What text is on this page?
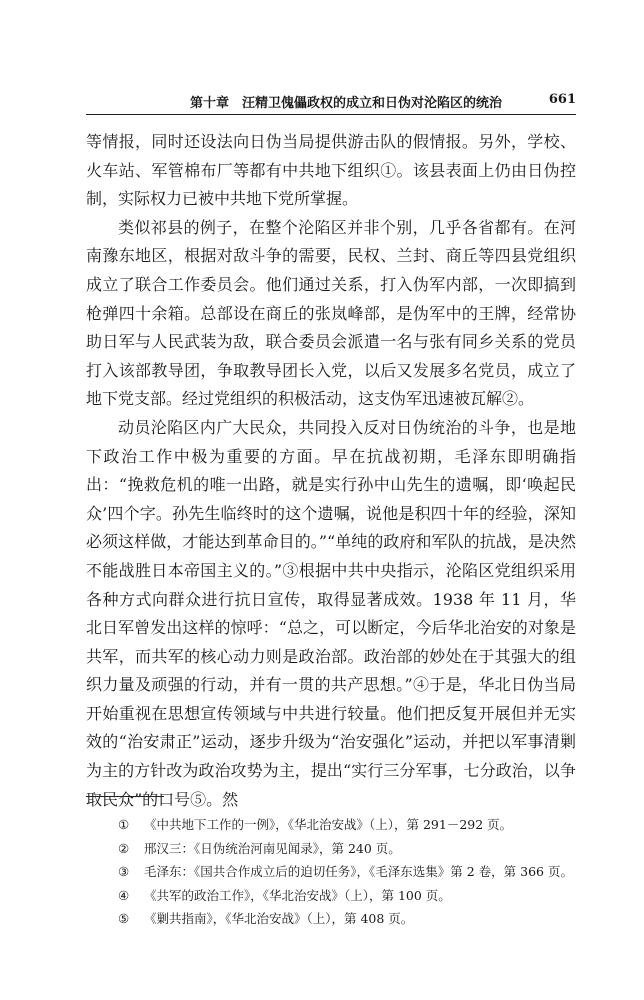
第十章　汪精卫傀儡政权的成立和日伪对沦陷区的统治	661

等情报，同时还设法向日伪当局提供游击队的假情报。另外，学校、火车站、军管棉布厂等都有中共地下组织①。该县表面上仍由日伪控制，实际权力已被中共地下党所掌握。

类似祁县的例子，在整个沦陷区并非个别，几乎各省都有。在河南豫东地区，根据对敌斗争的需要，民权、兰封、商丘等四县党组织成立了联合工作委员会。他们通过关系，打入伪军内部，一次即搞到枪弹四十余箱。总部设在商丘的张岚峰部，是伪军中的王牌，经常协助日军与人民武装为敌，联合委员会派遣一名与张有同乡关系的党员打入该部教导团，争取教导团长入党，以后又发展多名党员，成立了地下党支部。经过党组织的积极活动，这支伪军迅速被瓦解②。

动员沦陷区内广大民众，共同投入反对日伪统治的斗争，也是地下政治工作中极为重要的方面。早在抗战初期，毛泽东即明确指出：“挽救危机的唯一出路，就是实行孙中山先生的遗嘱，即‘唤起民众’四个字。孙先生临终时的这个遗嘱，说他是积四十年的经验，深知必须这样做，才能达到革命目的。”“单纯的政府和军队的抗战，是决然不能战胜日本帝国主义的。”③根据中共中央指示，沦陷区党组织采用各种方式向群众进行抗日宣传，取得显著成效。1938 年 11 月，华北日军曾发出这样的惊呼：“总之，可以断定，今后华北治安的对象是共军，而共军的核心动力则是政治部。政治部的妙处在于其强大的组织力量及顽强的行动，并有一贯的共产思想。”④于是，华北日伪当局开始重视在思想宣传领域与中共进行较量。他们把反复开展但并无实效的“治安肃正”运动，逐步升级为“治安强化”运动，并把以军事清剿为主的方针改为政治攻势为主，提出“实行三分军事，七分政治，以争取民众”的口号⑤。然

①	《中共地下工作的一例》，《华北治安战》（上），第 291－292 页。
②	邢汉三：《日伪统治河南见闻录》，第 240 页。
③	毛泽东：《国共合作成立后的迫切任务》，《毛泽东选集》第 2 卷，第 366 页。
④	《共军的政治工作》，《华北治安战》（上），第 100 页。
⑤	《剿共指南》，《华北治安战》（上），第 408 页。
